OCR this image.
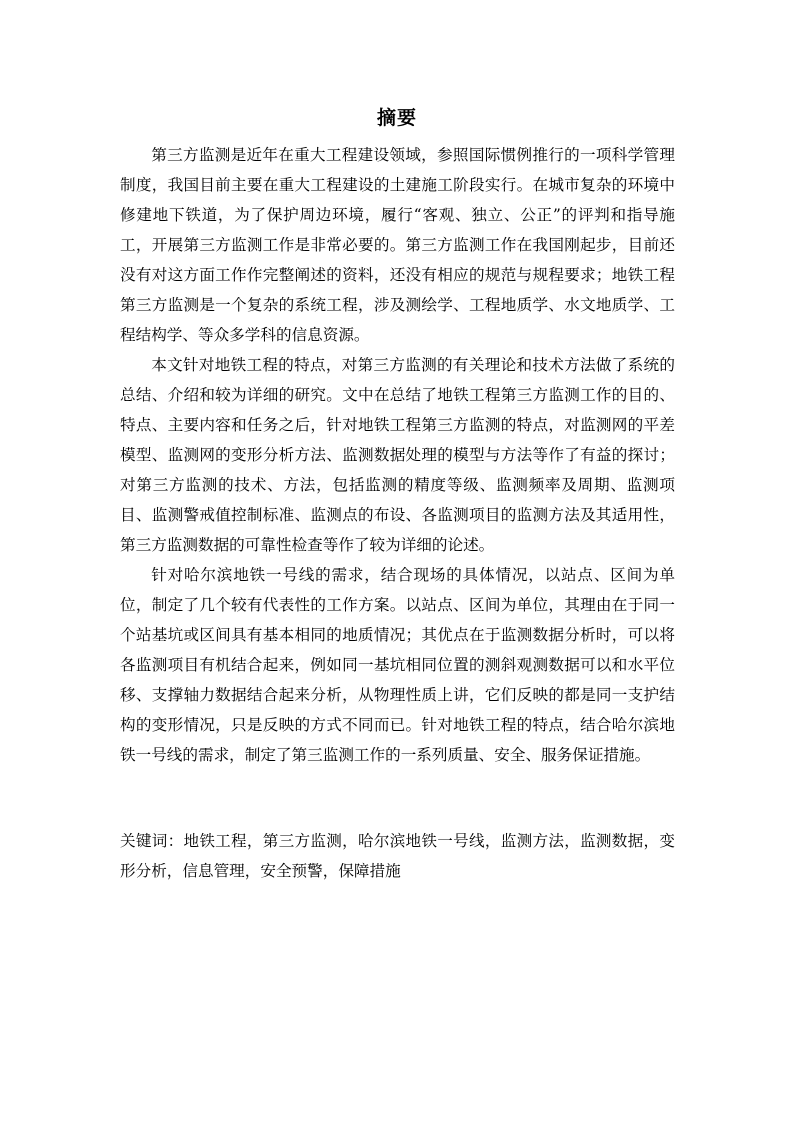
摘要

第三方监测是近年在重大工程建设领域，参照国际惯例推行的一项科学管理制度，我国目前主要在重大工程建设的土建施工阶段实行。在城市复杂的环境中修建地下铁道，为了保护周边环境，履行“客观、独立、公正”的评判和指导施工，开展第三方监测工作是非常必要的。第三方监测工作在我国刚起步，目前还没有对这方面工作作完整阐述的资料，还没有相应的规范与规程要求；地铁工程第三方监测是一个复杂的系统工程，涉及测绘学、工程地质学、水文地质学、工程结构学、等众多学科的信息资源。

本文针对地铁工程的特点，对第三方监测的有关理论和技术方法做了系统的总结、介绍和较为详细的研究。文中在总结了地铁工程第三方监测工作的目的、特点、主要内容和任务之后，针对地铁工程第三方监测的特点，对监测网的平差模型、监测网的变形分析方法、监测数据处理的模型与方法等作了有益的探讨；对第三方监测的技术、方法，包括监测的精度等级、监测频率及周期、监测项目、监测警戒值控制标准、监测点的布设、各监测项目的监测方法及其适用性，第三方监测数据的可靠性检查等作了较为详细的论述。

针对哈尔滨地铁一号线的需求，结合现场的具体情况，以站点、区间为单位，制定了几个较有代表性的工作方案。以站点、区间为单位，其理由在于同一个站基坑或区间具有基本相同的地质情况；其优点在于监测数据分析时，可以将各监测项目有机结合起来，例如同一基坑相同位置的测斜观测数据可以和水平位移、支撑轴力数据结合起来分析，从物理性质上讲，它们反映的都是同一支护结构的变形情况，只是反映的方式不同而已。针对地铁工程的特点，结合哈尔滨地铁一号线的需求，制定了第三监测工作的一系列质量、安全、服务保证措施。

关键词：地铁工程，第三方监测，哈尔滨地铁一号线，监测方法，监测数据，变形分析，信息管理，安全预警，保障措施
